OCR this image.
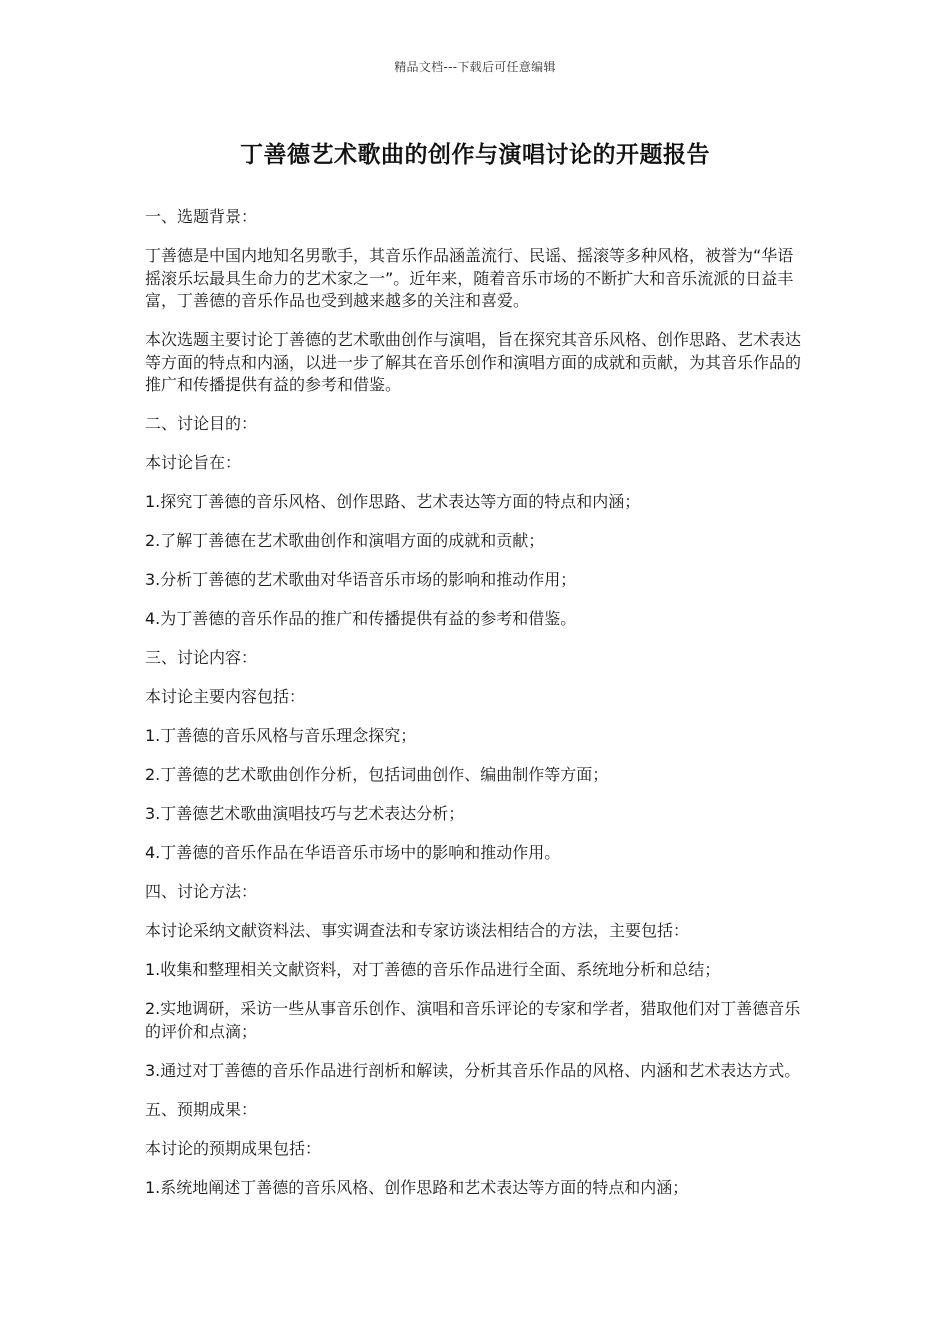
精品文档---下载后可任意编辑
丁善德艺术歌曲的创作与演唱讨论的开题报告

一、选题背景：

丁善德是中国内地知名男歌手，其音乐作品涵盖流行、民谣、摇滚等多种风格，被誉为“华语摇滚乐坛最具生命力的艺术家之一”。近年来，随着音乐市场的不断扩大和音乐流派的日益丰富，丁善德的音乐作品也受到越来越多的关注和喜爱。

本次选题主要讨论丁善德的艺术歌曲创作与演唱，旨在探究其音乐风格、创作思路、艺术表达等方面的特点和内涵，以进一步了解其在音乐创作和演唱方面的成就和贡献，为其音乐作品的推广和传播提供有益的参考和借鉴。

二、讨论目的：

本讨论旨在：

1.探究丁善德的音乐风格、创作思路、艺术表达等方面的特点和内涵；

2.了解丁善德在艺术歌曲创作和演唱方面的成就和贡献；

3.分析丁善德的艺术歌曲对华语音乐市场的影响和推动作用；

4.为丁善德的音乐作品的推广和传播提供有益的参考和借鉴。

三、讨论内容：

本讨论主要内容包括：

1.丁善德的音乐风格与音乐理念探究；

2.丁善德的艺术歌曲创作分析，包括词曲创作、编曲制作等方面；

3.丁善德艺术歌曲演唱技巧与艺术表达分析；

4.丁善德的音乐作品在华语音乐市场中的影响和推动作用。

四、讨论方法：

本讨论采纳文献资料法、事实调查法和专家访谈法相结合的方法，主要包括：

1.收集和整理相关文献资料，对丁善德的音乐作品进行全面、系统地分析和总结；

2.实地调研，采访一些从事音乐创作、演唱和音乐评论的专家和学者，猎取他们对丁善德音乐的评价和点滴；

3.通过对丁善德的音乐作品进行剖析和解读，分析其音乐作品的风格、内涵和艺术表达方式。

五、预期成果：

本讨论的预期成果包括：

1.系统地阐述丁善德的音乐风格、创作思路和艺术表达等方面的特点和内涵；
